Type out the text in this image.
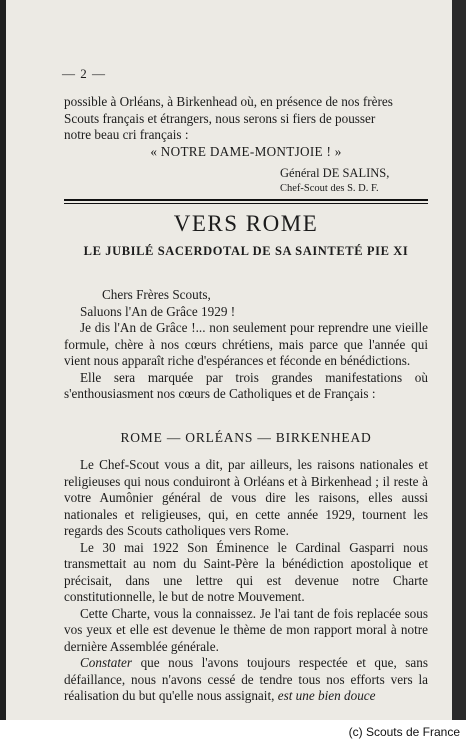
— 2 —

possible à Orléans, à Birkenhead où, en présence de nos frères

Scouts français et étrangers, nous serons si fiers de pousser

notre beau cri français :

« NOTRE DAME-MONTJOIE ! »

Général DE SALINS,
Chef-Scout des S. D. F.
VERS ROME
LE JUBILÉ SACERDOTAL DE SA SAINTETÉ PIE XI

Chers Frères Scouts,

Saluons l'An de Grâce 1929 !

Je dis l'An de Grâce !... non seulement pour reprendre une vieille formule, chère à nos cœurs chrétiens, mais parce que l'année qui vient nous apparaît riche d'espérances et féconde en bénédictions.

Elle sera marquée par trois grandes manifestations où s'enthousiasment nos cœurs de Catholiques et de Français :

ROME — ORLÉANS — BIRKENHEAD

Le Chef-Scout vous a dit, par ailleurs, les raisons nationales et religieuses qui nous conduiront à Orléans et à Birkenhead ; il reste à votre Aumônier général de vous dire les raisons, elles aussi nationales et religieuses, qui, en cette année 1929, tournent les regards des Scouts catholiques vers Rome.

Le 30 mai 1922 Son Éminence le Cardinal Gasparri nous transmettait au nom du Saint-Père la bénédiction apostolique et précisait, dans une lettre qui est devenue notre Charte constitutionnelle, le but de notre Mouvement.

Cette Charte, vous la connaissez. Je l'ai tant de fois replacée sous vos yeux et elle est devenue le thème de mon rapport moral à notre dernière Assemblée générale.

Constater que nous l'avons toujours respectée et que, sans défaillance, nous n'avons cessé de tendre tous nos efforts vers la réalisation du but qu'elle nous assignait, est une bien douce

(c) Scouts de France
